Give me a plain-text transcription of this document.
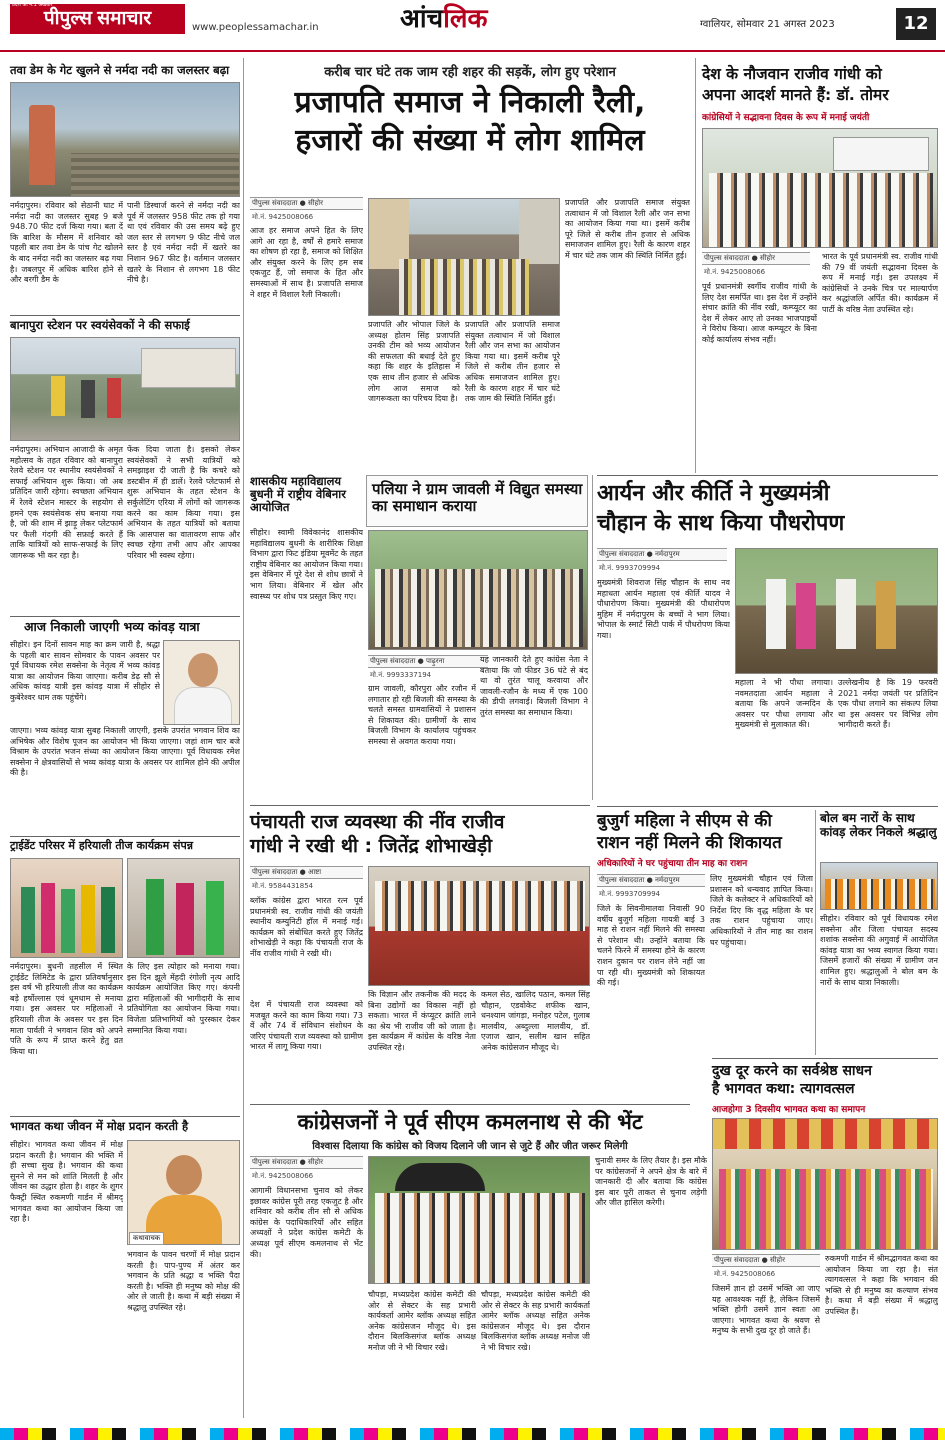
पीपुल्स समाचार
प्रदेश का नं.1 अखबार
www.peoplessamachar.in	आंचलिक	ग्वालियर, सोमवार 21 अगस्त 2023	12
तवा डेम के गेट खुलने से नर्मदा नदी का जलस्तर बढ़ा
नर्मदापुरम। रविवार को सेठानी घाट में नर्मदा नदी का जलस्तर सुबह 9 बजे 948.70 फीट दर्ज किया गया। बता दें कि बारिश के मौसम में शनिवार को पहली बार तवा डेम के पांच गेट खोलने के बाद नर्मदा नदी का जलस्तर बढ़ गया है। जबलपुर में अधिक बारिश होने से और बरगी डैम के
पानी डिस्चार्ज करने से नर्मदा नदी का पूर्व में जलस्तर 958 फीट तक हो गया था एवं रविवार की उस समय बढ़े हुए जल स्तर से लगभग 9 फीट नीचे जल स्तर है एवं नर्मदा नदी में खतरे का निशान 967 फीट है। वर्तमान जलस्तर खतरे के निशान से लगभग 18 फीट नीचे है।
बानापुरा स्टेशन पर स्वयंसेवकों ने की सफाई
नर्मदापुरम। अभियान आजादी के अमृत महोत्सव के तहत रविवार को बानापुरा रेलवे स्टेशन पर स्थानीय स्वयंसेवकों ने सफाई अभियान शुरू किया। जो अब प्रतिदिन जारी रहेगा। स्वच्छता अभियान में रेलवे स्टेशन मास्टर के सहयोग से हमने एक स्वयंसेवक संघ बनाया गया है, जो की शाम में झाड़ू लेकर प्लेटफार्म पर फैली गंदगी की सफ़ाई करते हैं ताकि यात्रियों को साफ-सफाई के लिए जागरूक भी कर रहा है।
फेंक दिया जाता है। इसको लेकर स्वयंसेवकों ने सभी यात्रियों को समझाइश दी जाती है कि कचरे को डस्टबीन में ही डालें। रेलवे प्लेटफार्म से शुरू अभियान के तहत स्टेशन के सर्कुलेटिंग एरिया में लोगों को जागरूक करने का काम किया गया। इस अभियान के तहत यात्रियों को बताया कि आसपास का वातावरण साफ और स्वच्छ रहेगा तभी आप और आपका परिवार भी स्वस्थ रहेगा।
आज निकाली जाएगी भव्य कांवड़ यात्रा
सीहोर। इन दिनों सावन माह का क्रम जारी है, श्रद्धा के पहली बार सावन सोमवार के पावन अवसर पर पूर्व विधायक रमेश सक्सेना के नेतृत्व में भव्य कांवड़ यात्रा का आयोजन किया जाएगा। करीब डेढ़ सौ से अधिक कांवड़ यात्री इस कांवड़ यात्रा में सीहोर से कुबेरेश्वर धाम तक पहुंचेंगे।
जाएगा। भव्य कांवड़ यात्रा सुबह निकाली जाएगी, इसके उपरांत भगवान शिव का अभिषेक और विशेष पूजन का आयोजन भी किया जाएगा। जहां शाम चार बजे विश्राम के उपरांत भजन संध्या का आयोजन किया जाएगा। पूर्व विधायक रमेश सक्सेना ने क्षेत्रवासियों से भव्य कांवड़ यात्रा के अवसर पर शामिल होने की अपील की है।
ट्राईडेंट परिसर में हरियाली तीज कार्यक्रम संपन्न
नर्मदापुरम। बुधनी तहसील में स्थित ट्राईडेंट लिमिटेड के द्वारा प्रतिवर्षानुसार इस वर्ष भी हरियाली तीज का कार्यक्रम बड़े हर्षोल्लास एवं धूमधाम से मनाया गया। इस अवसर पर महिलाओं ने हरियाली तीज के अवसर पर इस दिन माता पार्वती ने भगवान शिव को अपने पति के रूप में प्राप्त करने हेतु व्रत किया था।
के लिए इस त्योहार को मनाया गया। इस दिन झूले मेंहदी रंगोली नृत्य आदि कार्यक्रम आयोजित किए गए। कंपनी द्वारा महिलाओं की भागीदारी के साथ प्रतियोगिता का आयोजन किया गया। विजेता प्रतिभागियों को पुरस्कार देकर सम्मानित किया गया।
भागवत कथा जीवन में मोक्ष प्रदान करती है
सीहोर। भागवत कथा जीवन में मोक्ष प्रदान करती है। भगवान की भक्ति में ही सच्चा सुख है। भगवान की कथा सुनने से मन को शांति मिलती है और जीवन का उद्धार होता है। शहर के शुगर फैक्ट्री स्थित रुकमणी गार्डन में श्रीमद् भागवत कथा का आयोजन किया जा रहा है।
कथावाचक
भगवान के पावन चरणों में मोक्ष प्रदान करती है। पाप-पुण्य में अंतर कर भगवान के प्रति श्रद्धा व भक्ति पैदा करती है। भक्ति ही मनुष्य को मोक्ष की ओर ले जाती है। कथा में बड़ी संख्या में श्रद्धालु उपस्थित रहे।
करीब चार घंटे तक जाम रही शहर की सड़कें, लोग हुए परेशान
प्रजापति समाज ने निकाली रैली,
हजारों की संख्या में लोग शामिल
पीपुल्स संवाददाता ● सीहोर
मो.नं. 9425008066
आज हर समाज अपने हित के लिए आगे आ रहा है, वर्षों से हमारे समाज का शोषण हो रहा है, समाज को शिक्षित और संयुक्त करने के लिए हम सब एकजुट हैं, जो समाज के हित और समस्याओं में साथ है। प्रजापति समाज ने शहर में विशाल रैली निकाली।
प्रजापति और भोपाल जिले के अध्यक्ष होतम सिंह प्रजापति उनकी टीम को भव्य आयोजन की सफलता की बधाई देते हुए कहा कि शहर के इतिहास में एक साथ तीन हजार से अधिक लोग आज समाज को जागरूकता का परिचय दिया है।
प्रजापति और प्रजापति समाज संयुक्त तत्वाधान में जो विशाल रैली और जन सभा का आयोजन किया गया था। इसमें करीब पूरे जिले से करीब तीन हजार से अधिक समाजजन शामिल हुए। रैली के कारण शहर में चार घंटे तक जाम की स्थिति निर्मित हुई।
प्रजापति और प्रजापति समाज संयुक्त तत्वाधान में जो विशाल रैली और जन सभा का आयोजन किया गया था। इसमें करीब पूरे जिले से करीब तीन हजार से अधिक समाजजन शामिल हुए। रैली के कारण शहर में चार घंटे तक जाम की स्थिति निर्मित हुई।
शासकीय महाविद्यालय बुधनी में राष्ट्रीय वेबिनार आयोजित
सीहोर। स्वामी विवेकानंद शासकीय महाविद्यालय बुधनी के शारीरिक शिक्षा विभाग द्वारा फिट इंडिया मूवमेंट के तहत राष्ट्रीय वेबिनार का आयोजन किया गया। इस वेबिनार में पूरे देश से शोध छात्रों ने भाग लिया। वेबिनार में खेल और स्वास्थ्य पर शोध पत्र प्रस्तुत किए गए।
पलिया ने ग्राम जावली में विद्युत समस्या का समाधान कराया
पीपुल्स संवाददाता ● पाढ़ुरना
मो.नं. 9993337194
ग्राम जावली, कौरपुरा और रजौन में लगातार हो रही बिजली की समस्या के चलते समस्त ग्रामवासियों ने प्रशासन से शिकायत की। ग्रामीणों के साथ बिजली विभाग के कार्यालय पहुंचकर समस्या से अवगत कराया गया।
यह जानकारी देते हुए कांग्रेस नेता ने बताया कि जो फीडर 36 घंटे से बंद था वो तुरंत चालू करवाया और जावली-रजौन के मध्य में एक 100 की डीपी लगवाई। बिजली विभाग ने तुरंत समस्या का समाधान किया।
पंचायती राज व्यवस्था की नींव राजीव
गांधी ने रखी थी : जितेंद्र शोभाखेड़ी
पीपुल्स संवाददाता ● आष्टा
मो.नं. 9584431854
ब्लॉक कांग्रेस द्वारा भारत रत्न पूर्व प्रधानमंत्री स्व. राजीव गांधी की जयंती स्थानीय कम्युनिटी हॉल में मनाई गई। कार्यक्रम को संबोधित करते हुए जितेंद्र शोभाखेड़ी ने कहा कि पंचायती राज के नींव राजीव गांधी ने रखी थी।
देश में पंचायती राज व्यवस्था को मजबूत करने का काम किया गया। 73 वें और 74 वें संविधान संशोधन के जरिए पंचायती राज व्यवस्था को ग्रामीण भारत में लागू किया गया।
कि विज्ञान और तकनीक की मदद के बिना उद्योगों का विकास नहीं हो सकता। भारत में कंप्यूटर क्रांति लाने का श्रेय भी राजीव जी को जाता है। इस कार्यक्रम में कांग्रेस के वरिष्ठ नेता उपस्थित रहे।
कमल सेठ, खालिद पठान, कमल सिंह चौहान, एडवोकेट शफीक खान, धनश्याम जांगड़ा, मनोहर पटेल, गुलाब मालवीय, अब्दुल्ला मालवीय, डॉ. एजाज खान, सलीम खान सहित अनेक कांग्रेसजन मौजूद थे।
देश के नौजवान राजीव गांधी को
अपना आदर्श मानते हैं: डॉ. तोमर
कांग्रेसियों ने सद्भावना दिवस के रूप में मनाई जयंती
पीपुल्स संवाददाता ● सीहोर
मो.नं. 9425008066
पूर्व प्रधानमंत्री स्वर्गीय राजीव गांधी के लिए देश समर्पित था। इस देश में उन्होंने संचार क्रांति की नींव रखी, कम्प्यूटर का देश में लेकर आए तो उनका भाजपाइयों ने विरोध किया। आज कम्प्यूटर के बिना कोई कार्यालय संभव नहीं।
भारत के पूर्व प्रधानमंत्री स्व. राजीव गांधी की 79 वीं जयंती सद्भावना दिवस के रूप में मनाई गई। इस उपलक्ष्य में कांग्रेसियों ने उनके चित्र पर माल्यार्पण कर श्रद्धांजलि अर्पित की। कार्यक्रम में पार्टी के वरिष्ठ नेता उपस्थित रहे।
आर्यन और कीर्ति ने मुख्यमंत्री
चौहान के साथ किया पौधरोपण
पीपुल्स संवाददाता ● नर्मदापुरम
मो.नं. 9993709994
मुख्यमंत्री शिवराज सिंह चौहान के साथ नव महाधता आर्यन महाला एवं कीर्ति यादव ने पौधारोपण किया। मुख्यमंत्री की पौधारोपण मुहिम में नर्मदापुरम के बच्चों ने भाग लिया। भोपाल के स्मार्ट सिटी पार्क में पौधरोपण किया गया।
महाला ने भी पौधा लगाया। नवमतदाता आर्यन महाला ने बताया कि अपने जन्मदिन के अवसर पर पौधा लगाया और मुख्यमंत्री से मुलाकात की।
उल्लेखनीय है कि 19 फरवरी 2021 नर्मदा जयंती पर प्रतिदिन एक पौधा लगाने का संकल्प लिया था इस अवसर पर विभिन्न लोग भागीदारी करते हैं।
बुजुर्ग महिला ने सीएम से की
राशन नहीं मिलने की शिकायत
अधिकारियों ने घर पहुंचाया तीन माह का राशन
पीपुल्स संवाददाता ● नर्मदापुरम
मो.नं. 9993709994
जिले के सिवनीमालवा निवासी 90 वर्षीय बुजुर्ग महिला गायत्री बाई 3 माह से राशन नहीं मिलने की समस्या से परेशान थी। उन्होंने बताया कि चलने फिरने में समस्या होने के कारण राशन दुकान पर राशन लेने नहीं जा पा रही थी। मुख्यमंत्री को शिकायत की गई।
लिए मुख्यमंत्री चौहान एवं जिला प्रशासन को धन्यवाद ज्ञापित किया। जिले के कलेक्टर ने अधिकारियों को निर्देश दिए कि वृद्ध महिला के घर तक राशन पहुंचाया जाए। अधिकारियों ने तीन माह का राशन घर पहुंचाया।
बोल बम नारों के साथ कांवड़ लेकर निकले श्रद्धालु
सीहोर। रविवार को पूर्व विधायक रमेश सक्सेना और जिला पंचायत सदस्य शशांक सक्सेना की अगुवाई में आयोजित कांवड़ यात्रा का भव्य स्वागत किया गया। जिसमें हजारों की संख्या में ग्रामीण जन शामिल हुए। श्रद्धालुओं ने बोल बम के नारों के साथ यात्रा निकाली।
कांग्रेसजनों ने पूर्व सीएम कमलनाथ से की भेंट
विश्वास दिलाया कि कांग्रेस को विजय दिलाने जी जान से जुटे हैं और जीत जरूर मिलेगी
पीपुल्स संवाददाता ● सीहोर
मो.नं. 9425008066
आगामी विधानसभा चुनाव को लेकर इछावर कांग्रेस पूरी तरह एकजुट है और शनिवार को करीब तीन सौ से अधिक कांग्रेस के पदाधिकारियों और सहित अध्यक्षों ने प्रदेश कांग्रेस कमेटी के अध्यक्ष पूर्व सीएम कमलनाथ से भेंट की।
चौपड़ा, मध्यप्रदेश कांग्रेस कमेटी की ओर से सेक्टर के सह प्रभारी कार्यकर्ता आमेर ब्लॉक अध्यक्ष सहित अनेक कांग्रेसजन मौजूद थे। इस दौरान बिलकिसगंज ब्लॉक अध्यक्ष मनोज जी ने भी विचार रखे।
चौपड़ा, मध्यप्रदेश कांग्रेस कमेटी की ओर से सेक्टर के सह प्रभारी कार्यकर्ता आमेर ब्लॉक अध्यक्ष सहित अनेक कांग्रेसजन मौजूद थे। इस दौरान बिलकिसगंज ब्लॉक अध्यक्ष मनोज जी ने भी विचार रखे।
चुनावी समर के लिए तैयार है। इस मौके पर कांग्रेसजनों ने अपने क्षेत्र के बारे में जानकारी दी और बताया कि कांग्रेस इस बार पूरी ताकत से चुनाव लड़ेगी और जीत हासिल करेगी।
दुख दूर करने का सर्वश्रेष्ठ साधन
है भागवत कथा: त्यागवत्सल
आजहोगा 3 दिवसीय भागवत कथा का समापन
पीपुल्स संवाददाता ● सीहोर
मो.नं. 9425008066
जिसमें ज्ञान हो उसमें भक्ति आ जाए यह आवश्यक नहीं है, लेकिन जिसमें भक्ति होगी उसमें ज्ञान स्वतः आ जाएगा। भागवत कथा के श्रवण से मनुष्य के सभी दुख दूर हो जाते हैं।
रुकमणी गार्डन में श्रीमद्भागवत कथा का आयोजन किया जा रहा है। संत त्यागवत्सल ने कहा कि भगवान की भक्ति से ही मनुष्य का कल्याण संभव है। कथा में बड़ी संख्या में श्रद्धालु उपस्थित हैं।
